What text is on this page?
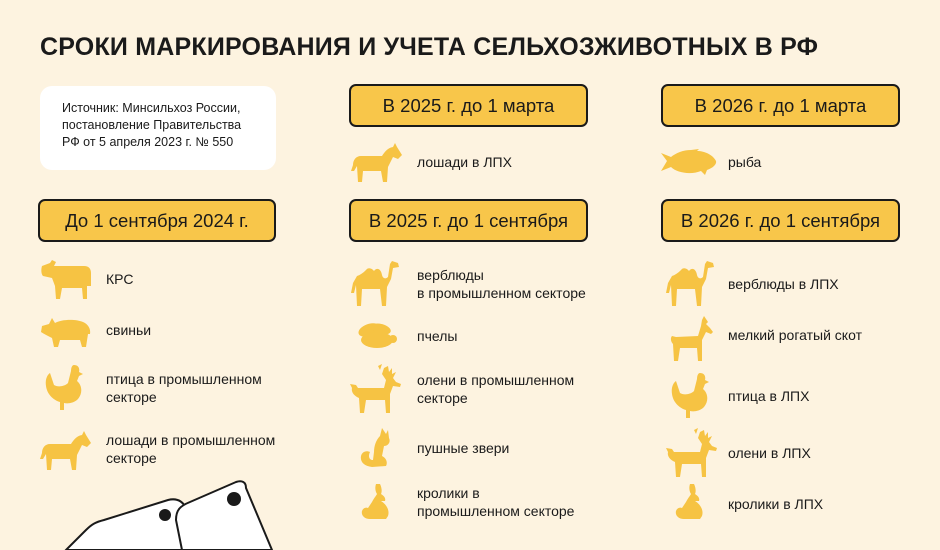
СРОКИ МАРКИРОВАНИЯ И УЧЕТА СЕЛЬХОЗЖИВОТНЫХ В РФ
Источник: Минсильхоз России,
постановление Правительства
РФ от 5 апреля 2023 г. № 550
В 2025 г. до 1 марта	В 2026 г. до 1 марта
До 1 сентября 2024 г.	В 2025 г. до 1 сентября	В 2026 г. до 1 сентября
КРС
свиньи
птица в промышленном
секторе
лошади в промышленном
секторе
лошади в ЛПХ
верблюды
в промышленном секторе
пчелы
олени в промышленном
секторе
пушные звери
кролики в
промышленном секторе
рыба
верблюды в ЛПХ
мелкий рогатый скот
птица в ЛПХ
олени в ЛПХ
кролики в ЛПХ
